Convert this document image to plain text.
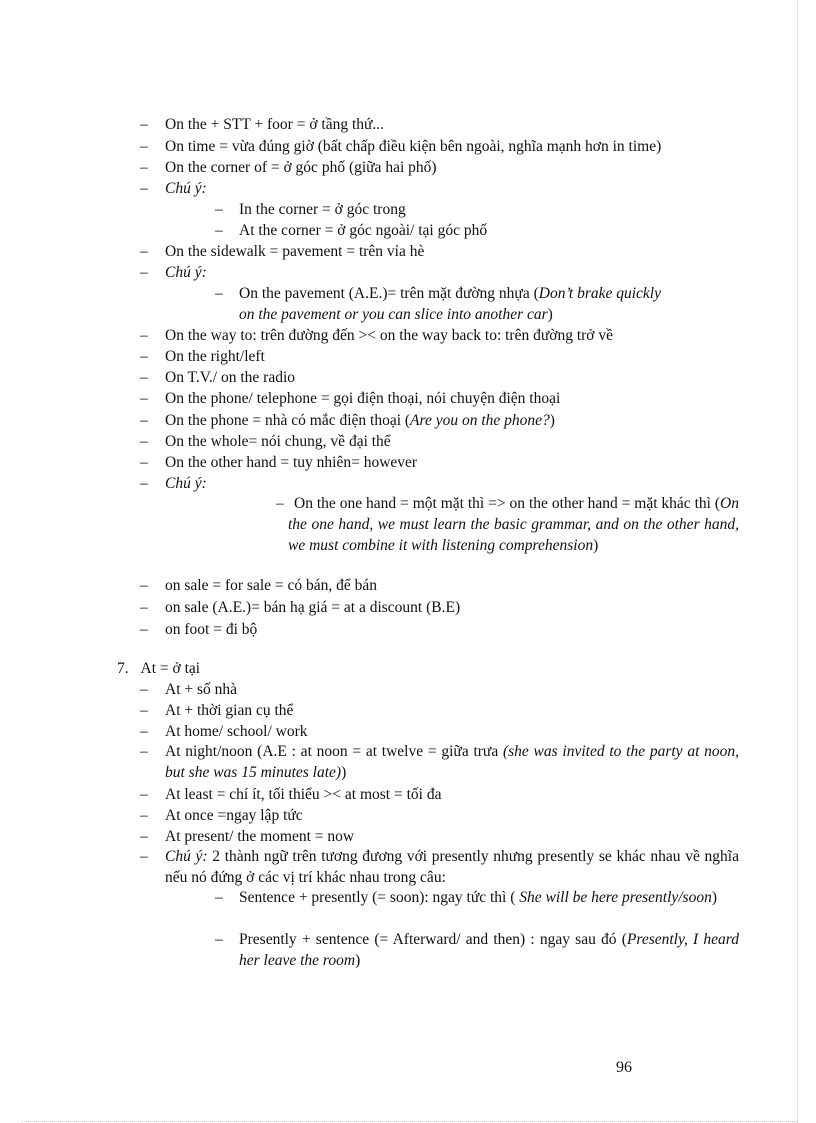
– On the + STT + foor = ở tầng thứ...
– On time = vừa đúng giờ (bất chấp điều kiện bên ngoài, nghĩa mạnh hơn in time)
– On the corner of = ở góc phố (giữa hai phố)
– Chú ý:
– In the corner = ở góc trong
– At the corner = ở góc ngoài/ tại góc phố
– On the sidewalk = pavement = trên vỉa hè
– Chú ý:
– On the pavement (A.E.)= trên mặt đường nhựa (Don’t brake quickly
on the pavement or you can slice into another car)
– On the way to: trên đường đến >< on the way back to: trên đường trở về
– On the right/left
– On T.V./ on the radio
– On the phone/ telephone = gọi điện thoại, nói chuyện điện thoại
– On the phone = nhà có mắc điện thoại (Are you on the phone?)
– On the whole= nói chung, về đại thể
– On the other hand = tuy nhiên= however
– Chú ý:
– On the one hand = một mặt thì => on the other hand = mặt khác thì (On the one hand, we must learn the basic grammar, and on the other hand, we must combine it with listening comprehension)
– on sale = for sale = có bán, để bán
– on sale (A.E.)= bán hạ giá = at a discount (B.E)
– on foot = đi bộ
7. At = ở tại
– At + số nhà
– At + thời gian cụ thể
– At home/ school/ work
– At night/noon (A.E : at noon = at twelve = giữa trưa (she was invited to the party at noon, but she was 15 minutes late))
– At least = chí ít, tối thiểu >< at most = tối đa
– At once =ngay lập tức
– At present/ the moment = now
– Chú ý: 2 thành ngữ trên tương đương với presently nhưng presently se khác nhau về nghĩa nếu nó đứng ở các vị trí khác nhau trong câu:
– Sentence + presently (= soon): ngay tức thì ( She will be here presently/soon)
– Presently + sentence (= Afterward/ and then) : ngay sau đó (Presently, I heard her leave the room)
96
